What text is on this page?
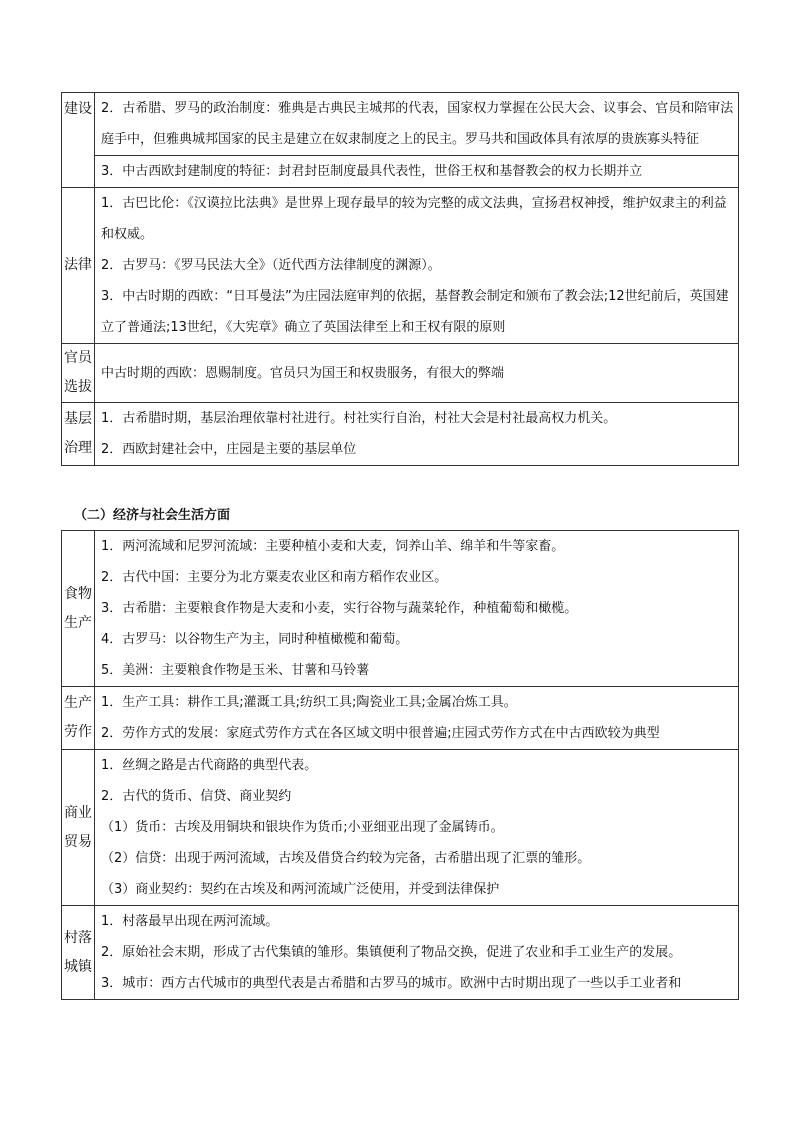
建设	2．古希腊、罗马的政治制度：雅典是古典民主城邦的代表，国家权力掌握在公民大会、议事会、官员和陪审法庭手中，但雅典城邦国家的民主是建立在奴隶制度之上的民主。罗马共和国政体具有浓厚的贵族寡头特征

	3．中古西欧封建制度的特征：封君封臣制度最具代表性，世俗王权和基督教会的权力长期并立

法律	1．古巴比伦：《汉谟拉比法典》是世界上现存最早的较为完整的成文法典，宣扬君权神授，维护奴隶主的利益和权威。
2．古罗马：《罗马民法大全》（近代西方法律制度的渊源）。
3．中古时期的西欧：“日耳曼法”为庄园法庭审判的依据，基督教会制定和颁布了教会法;12世纪前后，英国建立了普通法;13世纪，《大宪章》确立了英国法律至上和王权有限的原则

官员选拔	中古时期的西欧：恩赐制度。官员只为国王和权贵服务，有很大的弊端

基层治理	1．古希腊时期，基层治理依靠村社进行。村社实行自治，村社大会是村社最高权力机关。
2．西欧封建社会中，庄园是主要的基层单位
（二）经济与社会生活方面
食物生产	1．两河流域和尼罗河流域：主要种植小麦和大麦，饲养山羊、绵羊和牛等家畜。
2．古代中国：主要分为北方粟麦农业区和南方稻作农业区。
3．古希腊：主要粮食作物是大麦和小麦，实行谷物与蔬菜轮作，种植葡萄和橄榄。
4．古罗马：以谷物生产为主，同时种植橄榄和葡萄。
5．美洲：主要粮食作物是玉米、甘薯和马铃薯

生产劳作	1．生产工具：耕作工具;灌溉工具;纺织工具;陶瓷业工具;金属冶炼工具。
2．劳作方式的发展：家庭式劳作方式在各区域文明中很普遍;庄园式劳作方式在中古西欧较为典型

商业贸易	1．丝绸之路是古代商路的典型代表。
2．古代的货币、信贷、商业契约
（1）货币：古埃及用铜块和银块作为货币;小亚细亚出现了金属铸币。
（2）信贷：出现于两河流域，古埃及借贷合约较为完备，古希腊出现了汇票的雏形。
（3）商业契约：契约在古埃及和两河流域广泛使用，并受到法律保护

村落城镇	1．村落最早出现在两河流域。
2．原始社会末期，形成了古代集镇的雏形。集镇便利了物品交换，促进了农业和手工业生产的发展。
3．城市：西方古代城市的典型代表是古希腊和古罗马的城市。欧洲中古时期出现了一些以手工业者和
